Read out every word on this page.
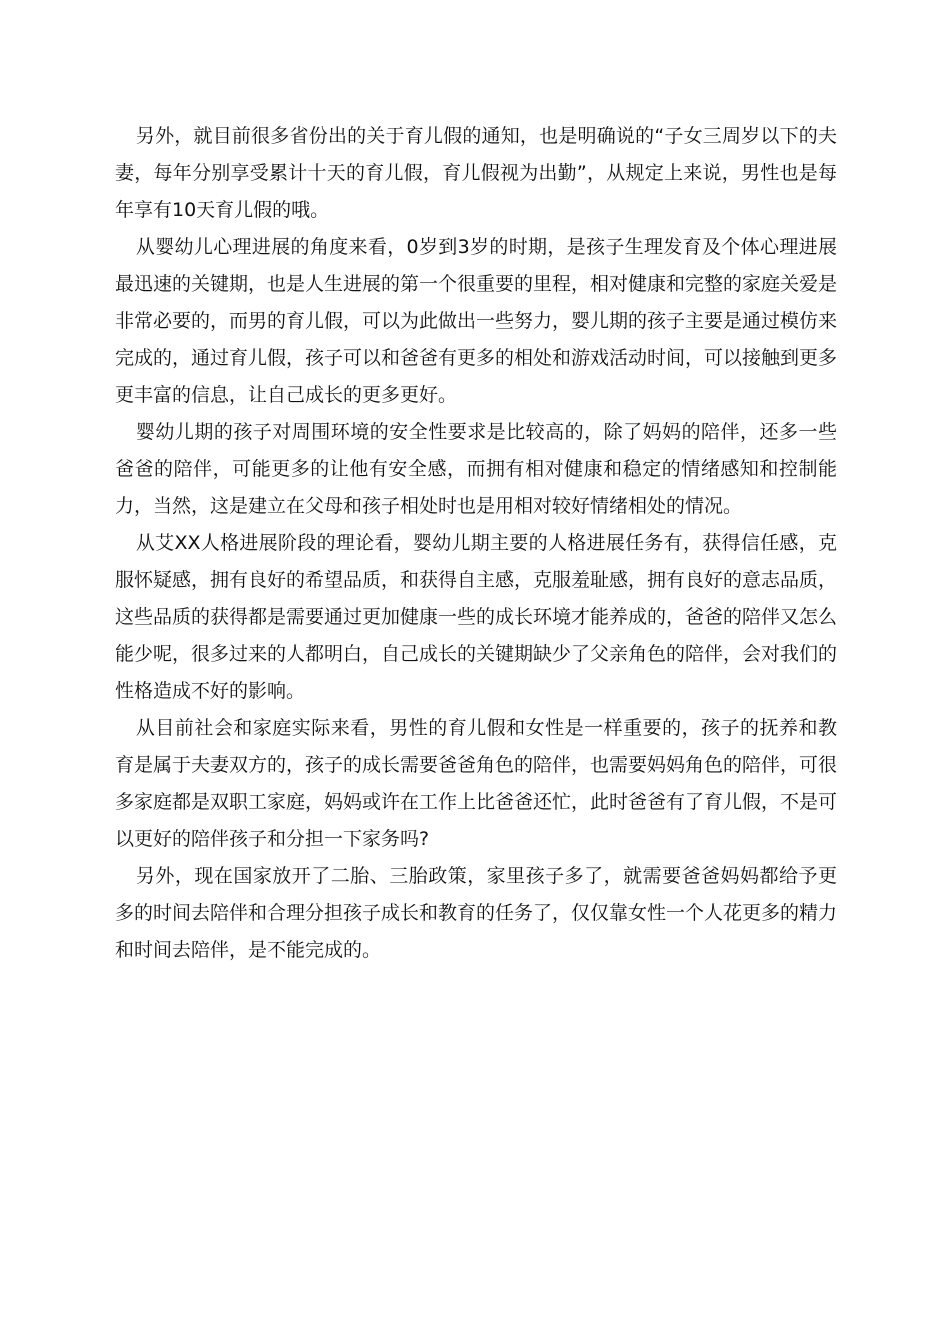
另外，就目前很多省份出的关于育儿假的通知，也是明确说的“子女三周岁以下的夫妻，每年分别享受累计十天的育儿假，育儿假视为出勤”，从规定上来说，男性也是每年享有10天育儿假的哦。

从婴幼儿心理进展的角度来看，0岁到3岁的时期，是孩子生理发育及个体心理进展最迅速的关键期，也是人生进展的第一个很重要的里程，相对健康和完整的家庭关爱是非常必要的，而男的育儿假，可以为此做出一些努力，婴儿期的孩子主要是通过模仿来完成的，通过育儿假，孩子可以和爸爸有更多的相处和游戏活动时间，可以接触到更多更丰富的信息，让自己成长的更多更好。

婴幼儿期的孩子对周围环境的安全性要求是比较高的，除了妈妈的陪伴，还多一些爸爸的陪伴，可能更多的让他有安全感，而拥有相对健康和稳定的情绪感知和控制能力，当然，这是建立在父母和孩子相处时也是用相对较好情绪相处的情况。

从艾XX人格进展阶段的理论看，婴幼儿期主要的人格进展任务有，获得信任感，克服怀疑感，拥有良好的希望品质，和获得自主感，克服羞耻感，拥有良好的意志品质，这些品质的获得都是需要通过更加健康一些的成长环境才能养成的，爸爸的陪伴又怎么能少呢，很多过来的人都明白，自己成长的关键期缺少了父亲角色的陪伴，会对我们的性格造成不好的影响。

从目前社会和家庭实际来看，男性的育儿假和女性是一样重要的，孩子的抚养和教育是属于夫妻双方的，孩子的成长需要爸爸角色的陪伴，也需要妈妈角色的陪伴，可很多家庭都是双职工家庭，妈妈或许在工作上比爸爸还忙，此时爸爸有了育儿假，不是可以更好的陪伴孩子和分担一下家务吗?

另外，现在国家放开了二胎、三胎政策，家里孩子多了，就需要爸爸妈妈都给予更多的时间去陪伴和合理分担孩子成长和教育的任务了，仅仅靠女性一个人花更多的精力和时间去陪伴，是不能完成的。
